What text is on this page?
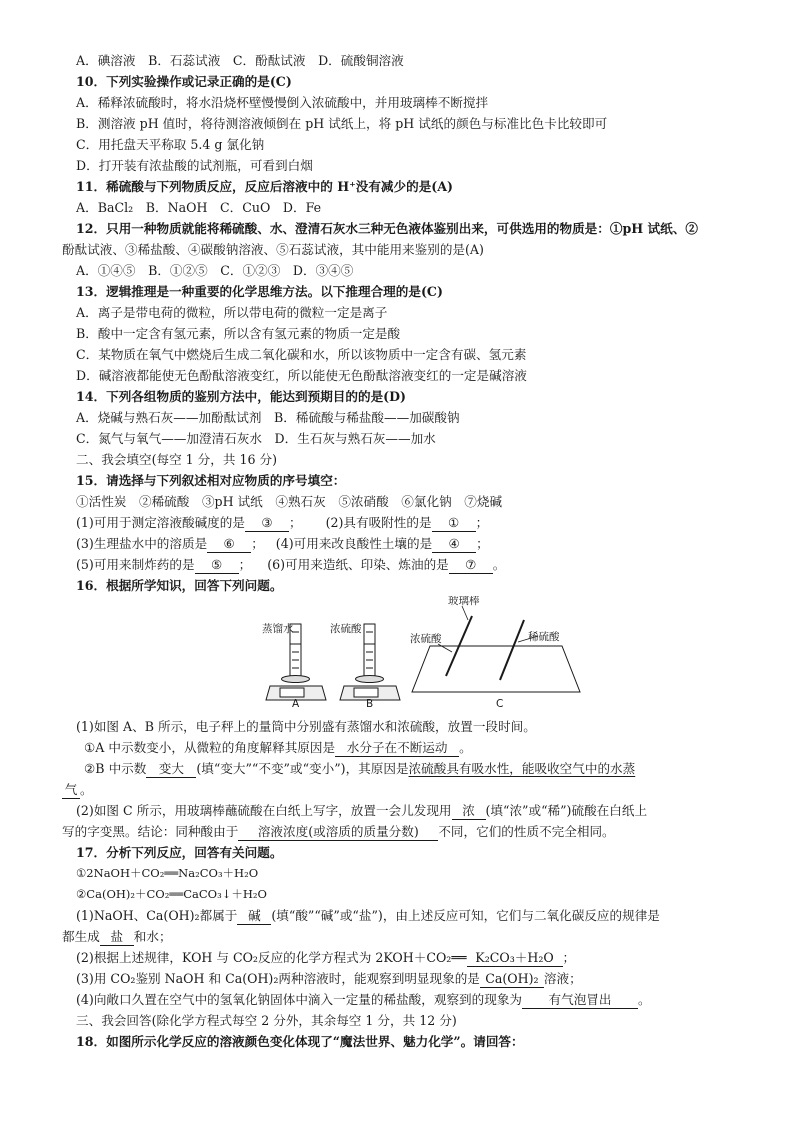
A．碘溶液　B．石蕊试液　C．酚酞试液　D．硫酸铜溶液
10．下列实验操作或记录正确的是(C)
A．稀释浓硫酸时，将水沿烧杯壁慢慢倒入浓硫酸中，并用玻璃棒不断搅拌
B．测溶液 pH 值时，将待测溶液倾倒在 pH 试纸上，将 pH 试纸的颜色与标准比色卡比较即可
C．用托盘天平称取 5.4 g 氯化钠
D．打开装有浓盐酸的试剂瓶，可看到白烟
11．稀硫酸与下列物质反应，反应后溶液中的 H⁺没有减少的是(A)
A．BaCl₂　B．NaOH　C．CuO　D．Fe
12．只用一种物质就能将稀硫酸、水、澄清石灰水三种无色液体鉴别出来，可供选用的物质是：①pH 试纸、②
酚酞试液、③稀盐酸、④碳酸钠溶液、⑤石蕊试液，其中能用来鉴别的是(A)
A．①④⑤　B．①②⑤　C．①②③　D．③④⑤
13．逻辑推理是一种重要的化学思维方法。以下推理合理的是(C)
A．离子是带电荷的微粒，所以带电荷的微粒一定是离子
B．酸中一定含有氢元素，所以含有氢元素的物质一定是酸
C．某物质在氧气中燃烧后生成二氧化碳和水，所以该物质中一定含有碳、氢元素
D．碱溶液都能使无色酚酞溶液变红，所以能使无色酚酞溶液变红的一定是碱溶液
14．下列各组物质的鉴别方法中，能达到预期目的的是(D)
A．烧碱与熟石灰——加酚酞试剂　B．稀硫酸与稀盐酸——加碳酸钠
C．氮气与氧气——加澄清石灰水　D．生石灰与熟石灰——加水
二、我会填空(每空 1 分，共 16 分)
15．请选择与下列叙述相对应物质的序号填空：
①活性炭　②稀硫酸　③pH 试纸　④熟石灰　⑤浓硝酸　⑥氯化钠　⑦烧碱
(1)可用于测定溶液酸碱度的是 ③ ；      (2)具有吸附性的是 ① ；
(3)生理盐水中的溶质是 ⑥ ；   (4)可用来改良酸性土壤的是 ④ ；
(5)可用来制炸药的是 ⑤ ；    (6)可用来造纸、印染、炼油的是 ⑦ 。
16．根据所学知识，回答下列问题。
蒸馏水
A
浓硫酸
B
玻璃棒
浓硫酸	稀硫酸
C
(1)如图 A、B 所示，电子秤上的量筒中分别盛有蒸馏水和浓硫酸，放置一段时间。
①A 中示数变小，从微粒的角度解释其原因是 水分子在不断运动 。
②B 中示数 变大 (填“变大”“不变”或“变小”)，其原因是浓硫酸具有吸水性，能吸收空气中的水蒸
气 。
(2)如图 C 所示，用玻璃棒蘸硫酸在白纸上写字，放置一会儿发现用 浓 (填“浓”或“稀”)硫酸在白纸上
写的字变黑。结论：同种酸由于 溶液浓度(或溶质的质量分数) 不同，它们的性质不完全相同。
17．分析下列反应，回答有关问题。
①2NaOH＋CO₂══Na₂CO₃＋H₂O
②Ca(OH)₂＋CO₂══CaCO₃↓＋H₂O
(1)NaOH、Ca(OH)₂都属于 碱 (填“酸”“碱”或“盐”)，由上述反应可知，它们与二氧化碳反应的规律是
都生成 盐 和水；
(2)根据上述规律，KOH 与 CO₂反应的化学方程式为 2KOH＋CO₂══ K₂CO₃＋H₂O ；
(3)用 CO₂鉴别 NaOH 和 Ca(OH)₂两种溶液时，能观察到明显现象的是 Ca(OH)₂ 溶液；
(4)向敞口久置在空气中的氢氧化钠固体中滴入一定量的稀盐酸，观察到的现象为 有气泡冒出 。
三、我会回答(除化学方程式每空 2 分外，其余每空 1 分，共 12 分)
18．如图所示化学反应的溶液颜色变化体现了“魔法世界、魅力化学”。请回答：
